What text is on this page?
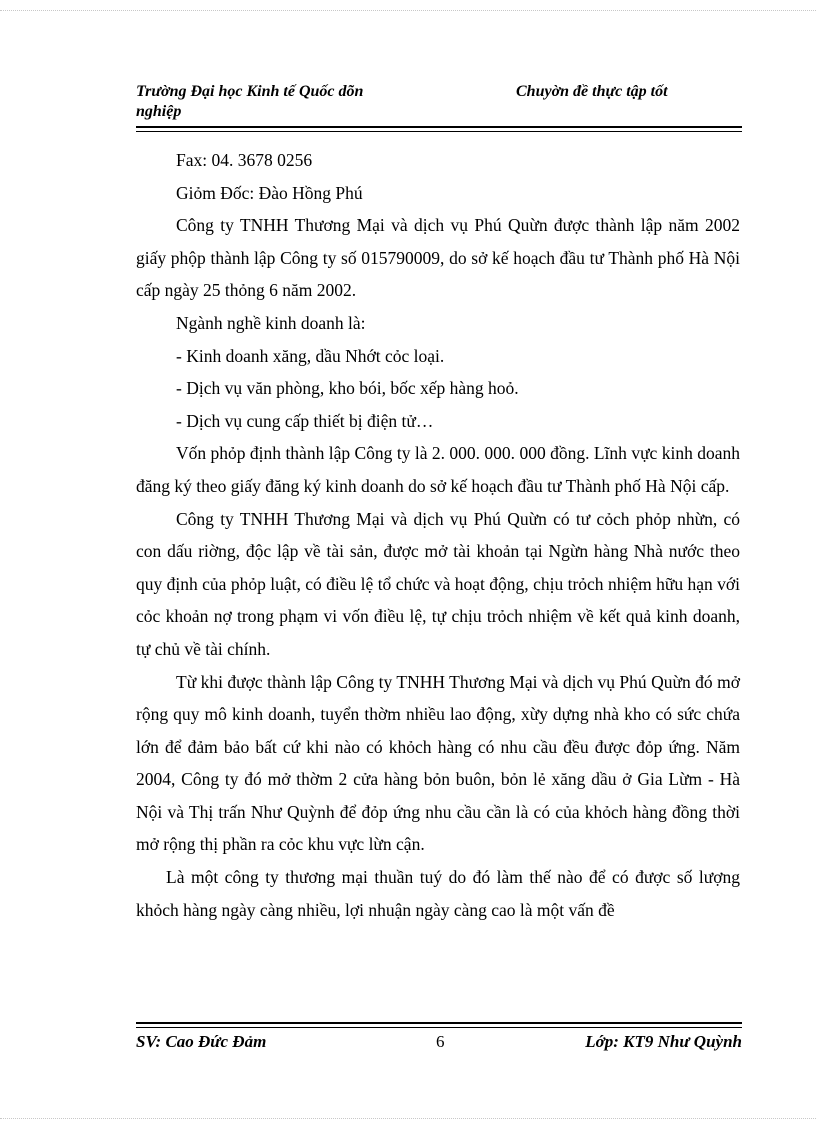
Trường Đại học Kinh tế Quốc dõn
nghiệp
Chuyờn đề thực tập tốt

Fax: 04. 3678 0256

Giỏm Đốc: Đào Hồng Phú

Công ty TNHH Thương Mại và dịch vụ Phú Quừn được thành lập năm 2002 giấy phộp thành lập Công ty số 015790009, do sở kế hoạch đầu tư Thành phố Hà Nội cấp ngày 25 thỏng 6 năm 2002.

Ngành nghề kinh doanh là:

- Kinh doanh xăng, dầu Nhớt cỏc loại.

- Dịch vụ văn phòng, kho bói, bốc xếp hàng hoỏ.

- Dịch vụ cung cấp thiết bị điện tử…

Vốn phỏp định thành lập Công ty là 2. 000. 000. 000 đồng. Lĩnh vực kinh doanh đăng ký theo giấy đăng ký kinh doanh do sở kế hoạch đầu tư Thành phố Hà Nội cấp.

Công ty TNHH Thương Mại và dịch vụ Phú Quừn có tư cỏch phỏp nhừn, có con dấu riờng, độc lập về tài sản, được mở tài khoản tại Ngừn hàng Nhà nước theo quy định của phỏp luật, có điều lệ tổ chức và hoạt động, chịu trỏch nhiệm hữu hạn với cỏc khoản nợ trong phạm vi vốn điều lệ, tự chịu trỏch nhiệm về kết quả kinh doanh, tự chủ về tài chính.

Từ khi được thành lập Công ty TNHH Thương Mại và dịch vụ Phú Quừn đó mở rộng quy mô kinh doanh, tuyển thờm nhiều lao động, xừy dựng nhà kho có sức chứa lớn để đảm bảo bất cứ khi nào có khỏch hàng có nhu cầu đều được đỏp ứng. Năm 2004, Công ty đó mở thờm 2 cửa hàng bỏn buôn, bỏn lẻ xăng dầu ở Gia Lừm - Hà Nội và Thị trấn Như Quỳnh để đỏp ứng nhu cầu cần là có của khỏch hàng đồng thời mở rộng thị phần ra cỏc khu vực lừn cận.

Là một công ty thương mại thuần tuý do đó làm thế nào để có được số lượng khỏch hàng ngày càng nhiều, lợi nhuận ngày càng cao là một vấn đề

SV: Cao Đức Đảm	6	Lớp: KT9 Như Quỳnh
